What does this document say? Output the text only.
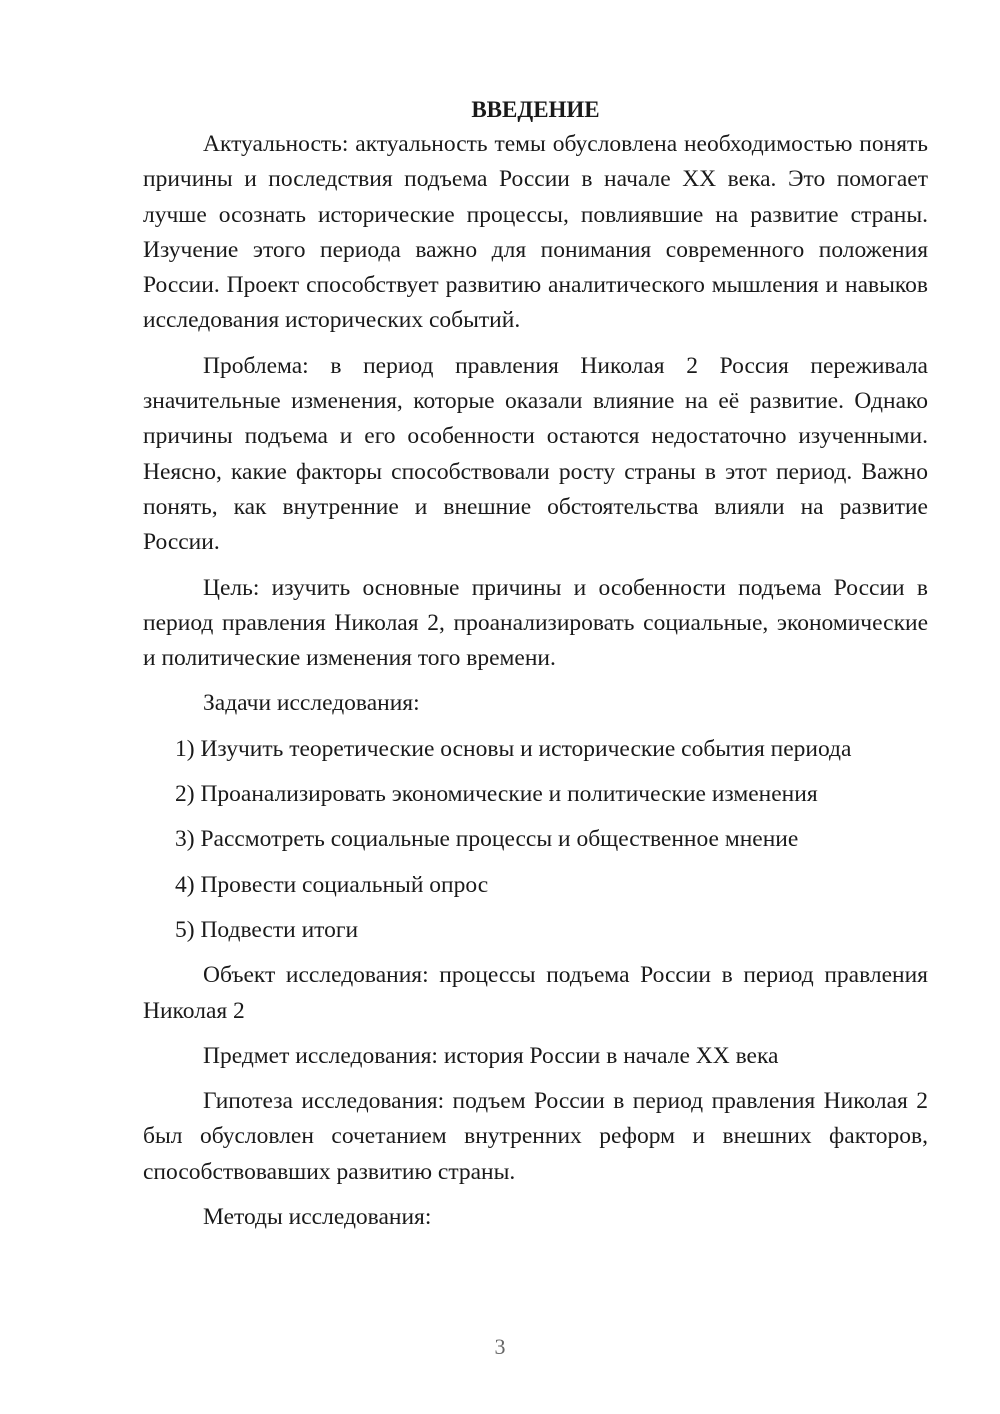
ВВЕДЕНИЕ

Актуальность: актуальность темы обусловлена необходимостью понять причины и последствия подъема России в начале XX века. Это помогает лучше осознать исторические процессы, повлиявшие на развитие страны. Изучение этого периода важно для понимания современного положения России. Проект способствует развитию аналитического мышления и навыков исследования исторических событий.

Проблема: в период правления Николая 2 Россия переживала значительные изменения, которые оказали влияние на её развитие. Однако причины подъема и его особенности остаются недостаточно изученными. Неясно, какие факторы способствовали росту страны в этот период. Важно понять, как внутренние и внешние обстоятельства влияли на развитие России.

Цель: изучить основные причины и особенности подъема России в период правления Николая 2, проанализировать социальные, экономические и политические изменения того времени.

Задачи исследования:

1) Изучить теоретические основы и исторические события периода
2) Проанализировать экономические и политические изменения
3) Рассмотреть социальные процессы и общественное мнение
4) Провести социальный опрос
5) Подвести итоги

Объект исследования: процессы подъема России в период правления Николая 2

Предмет исследования: история России в начале XX века

Гипотеза исследования: подъем России в период правления Николая 2 был обусловлен сочетанием внутренних реформ и внешних факторов, способствовавших развитию страны.

Методы исследования:

3
